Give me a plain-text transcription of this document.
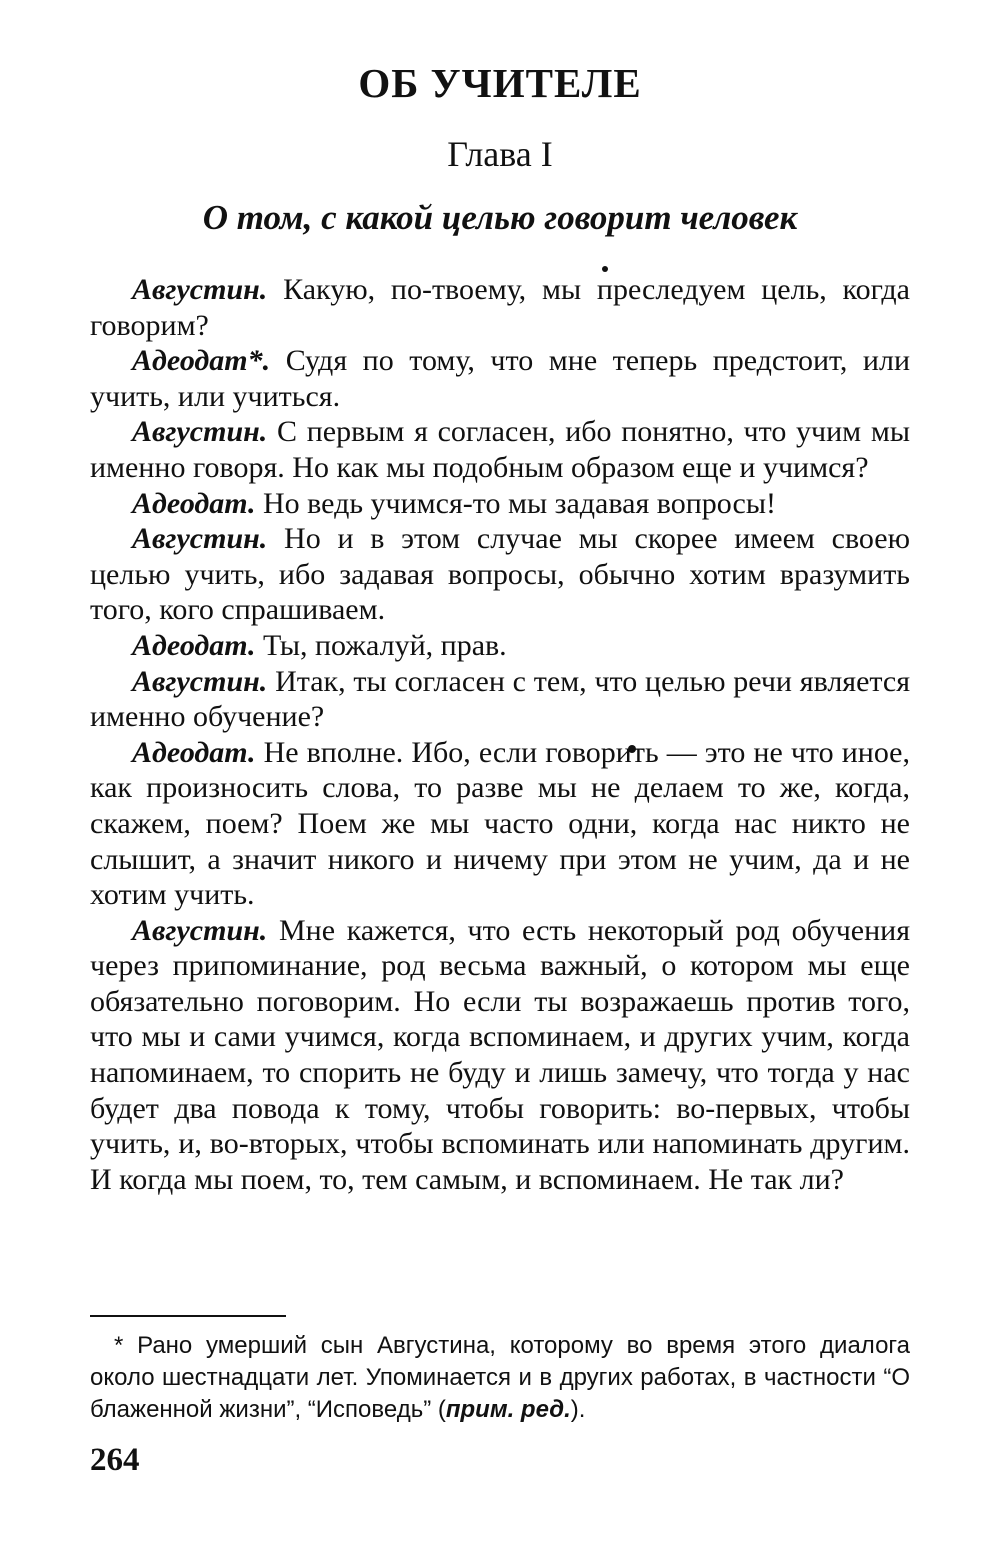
ОБ УЧИТЕЛЕ
Глава I
О том, с какой целью говорит человек

Августин. Какую, по-твоему, мы преследуем цель, когда говорим?

Адеодат*. Судя по тому, что мне теперь предстоит, или учить, или учиться.

Августин. С первым я согласен, ибо понятно, что учим мы именно говоря. Но как мы подобным образом еще и учимся?

Адеодат. Но ведь учимся-то мы задавая вопросы!

Августин. Но и в этом случае мы скорее имеем своею целью учить, ибо задавая вопросы, обычно хотим вразумить того, кого спрашиваем.

Адеодат. Ты, пожалуй, прав.

Августин. Итак, ты согласен с тем, что целью речи является именно обучение?

Адеодат. Не вполне. Ибо, если говорить — это не что иное, как произносить слова, то разве мы не делаем то же, когда, скажем, поем? Поем же мы часто одни, когда нас никто не слышит, а значит никого и ничему при этом не учим, да и не хотим учить.

Августин. Мне кажется, что есть некоторый род обучения через припоминание, род весьма важный, о котором мы еще обязательно поговорим. Но если ты возражаешь против того, что мы и сами учимся, когда вспоминаем, и других учим, когда напоминаем, то спорить не буду и лишь замечу, что тогда у нас будет два повода к тому, чтобы говорить: во-первых, чтобы учить, и, во-вторых, чтобы вспоминать или напоминать другим. И когда мы поем, то, тем самым, и вспоминаем. Не так ли?

* Рано умерший сын Августина, которому во время этого диалога около шестнадцати лет. Упоминается и в других работах, в частности “О блаженной жизни”, “Исповедь” (прим. ред.).

264
